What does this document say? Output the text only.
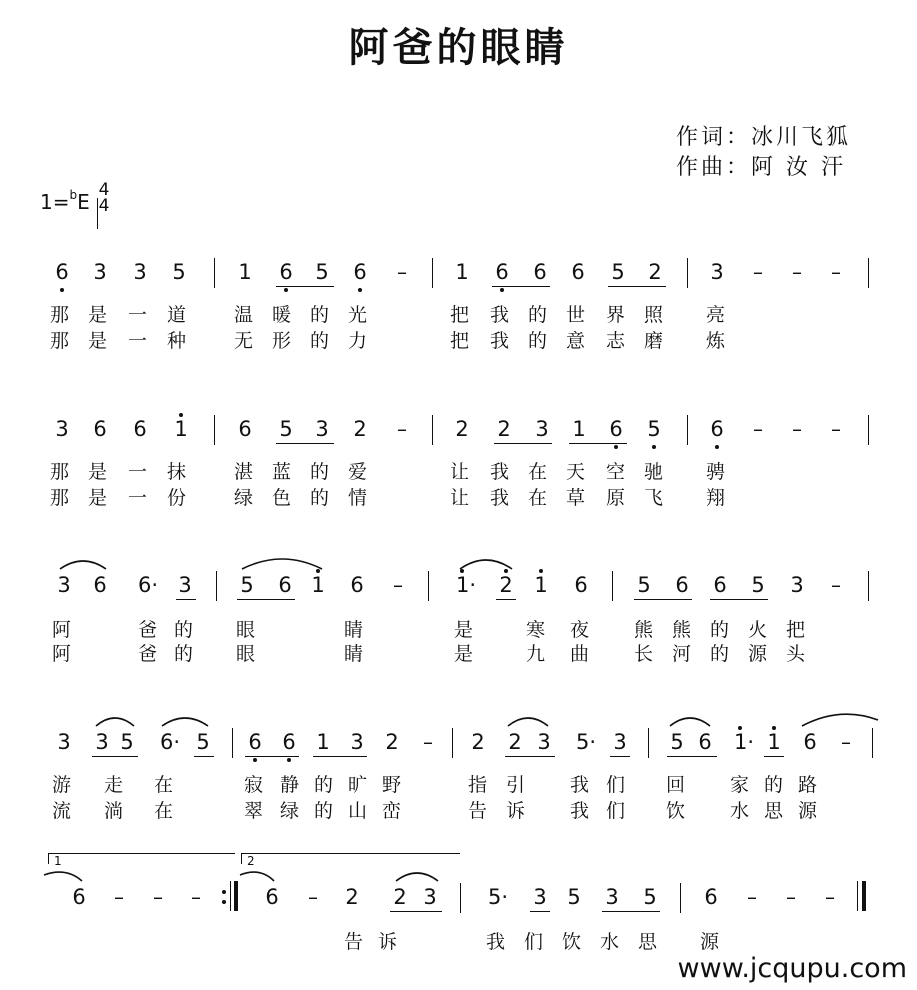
阿爸的眼睛
作词：冰川飞狐
作曲：阿 汝 汗
1=$^b$E 4
4
6 3 3 5	1 6 5 6	– 1 6 6 6 5 2 3	–	–	–
那 是 一 道	温 暖 的 光	把 我 的 世 界 照 亮
那 是 一 种	无 形 的 力	把 我 的 意 志 磨 炼
3 6 6 1 6 5 3 2	– 2 2 3 1 6 5 6	–	–	–
那 是 一 抹	湛 蓝 的 爱	让 我 在 天 空 驰 骋
那 是 一 份	绿 色 的 情	让 我 在 草 原 飞 翔
3 6 6· 3 5 6 1 6	–	1· 2 1 6 5 6 6 5 3	–
阿	爸 的 眼	睛	是	寒 夜 熊 熊 的 火 把
阿	爸 的 眼	睛	是	九 曲 长 河 的 源 头
3 3 5 6· 5 6 6 1 3 2	– 2 2 3 5· 3 5 6 1· 1 6	–
游 走 在	寂 静 的 旷 野	指 引 我 们 回 家 的 路
流 淌 在	翠 绿 的 山 峦	告 诉 我 们 饮 水 思 源
1	2
6	–	–	–	6	– 2 2 3 5· 3 5 3 5 6	–	–	–
告 诉	我 们 饮 水 思 源
www.jcqupu.com
